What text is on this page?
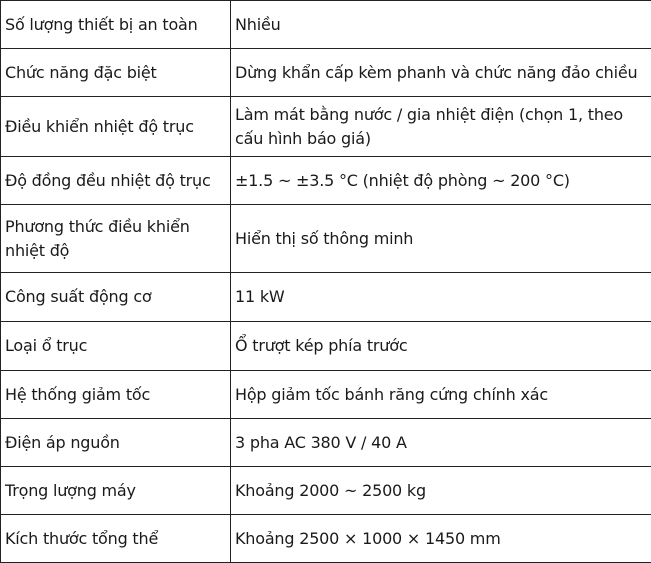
Số lượng thiết bị an toàn	Nhiều
Chức năng đặc biệt	Dừng khẩn cấp kèm phanh và chức năng đảo chiều
Điều khiển nhiệt độ trục	Làm mát bằng nước / gia nhiệt điện (chọn 1, theo cấu hình báo giá)
Độ đồng đều nhiệt độ trục	±1.5 ~ ±3.5 °C (nhiệt độ phòng ~ 200 °C)
Phương thức điều khiển nhiệt độ	Hiển thị số thông minh
Công suất động cơ	11 kW
Loại ổ trục	Ổ trượt kép phía trước
Hệ thống giảm tốc	Hộp giảm tốc bánh răng cứng chính xác
Điện áp nguồn	3 pha AC 380 V / 40 A
Trọng lượng máy	Khoảng 2000 ~ 2500 kg
Kích thước tổng thể	Khoảng 2500 × 1000 × 1450 mm
